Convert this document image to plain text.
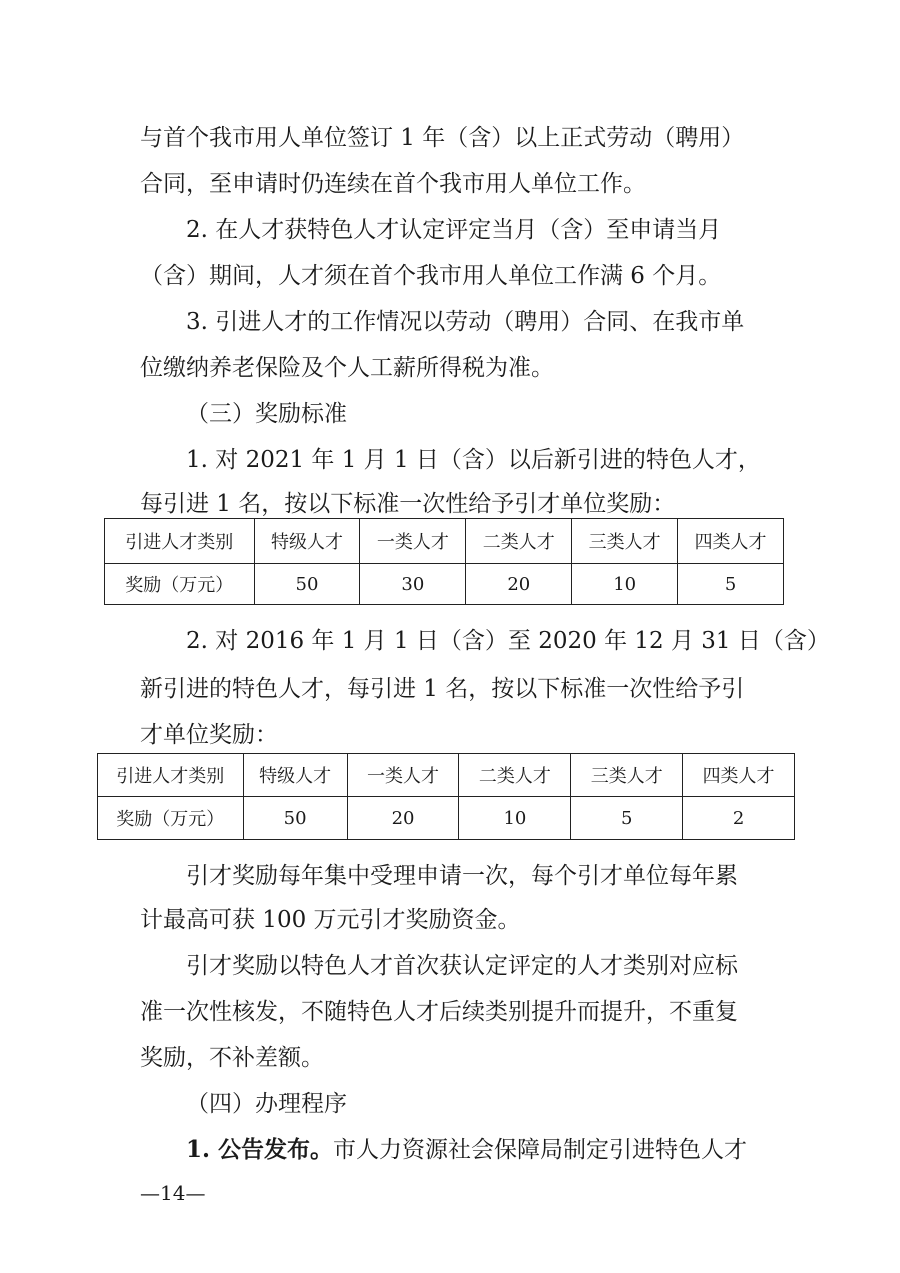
与首个我市用人单位签订 1 年（含）以上正式劳动（聘用）
合同，至申请时仍连续在首个我市用人单位工作。
2. 在人才获特色人才认定评定当月（含）至申请当月
（含）期间，人才须在首个我市用人单位工作满 6 个月。
3. 引进人才的工作情况以劳动（聘用）合同、在我市单
位缴纳养老保险及个人工薪所得税为准。
（三）奖励标准
1. 对 2021 年 1 月 1 日（含）以后新引进的特色人才，
每引进 1 名，按以下标准一次性给予引才单位奖励：
引进人才类别	特级人才	一类人才	二类人才	三类人才	四类人才
奖励（万元）	50	30	20	10	5
2. 对 2016 年 1 月 1 日（含）至 2020 年 12 月 31 日（含）
新引进的特色人才，每引进 1 名，按以下标准一次性给予引
才单位奖励：
引进人才类别	特级人才	一类人才	二类人才	三类人才	四类人才
奖励（万元）	50	20	10	5	2
引才奖励每年集中受理申请一次，每个引才单位每年累
计最高可获 100 万元引才奖励资金。
引才奖励以特色人才首次获认定评定的人才类别对应标
准一次性核发，不随特色人才后续类别提升而提升，不重复
奖励，不补差额。
（四）办理程序
1. 公告发布。市人力资源社会保障局制定引进特色人才
—14—
